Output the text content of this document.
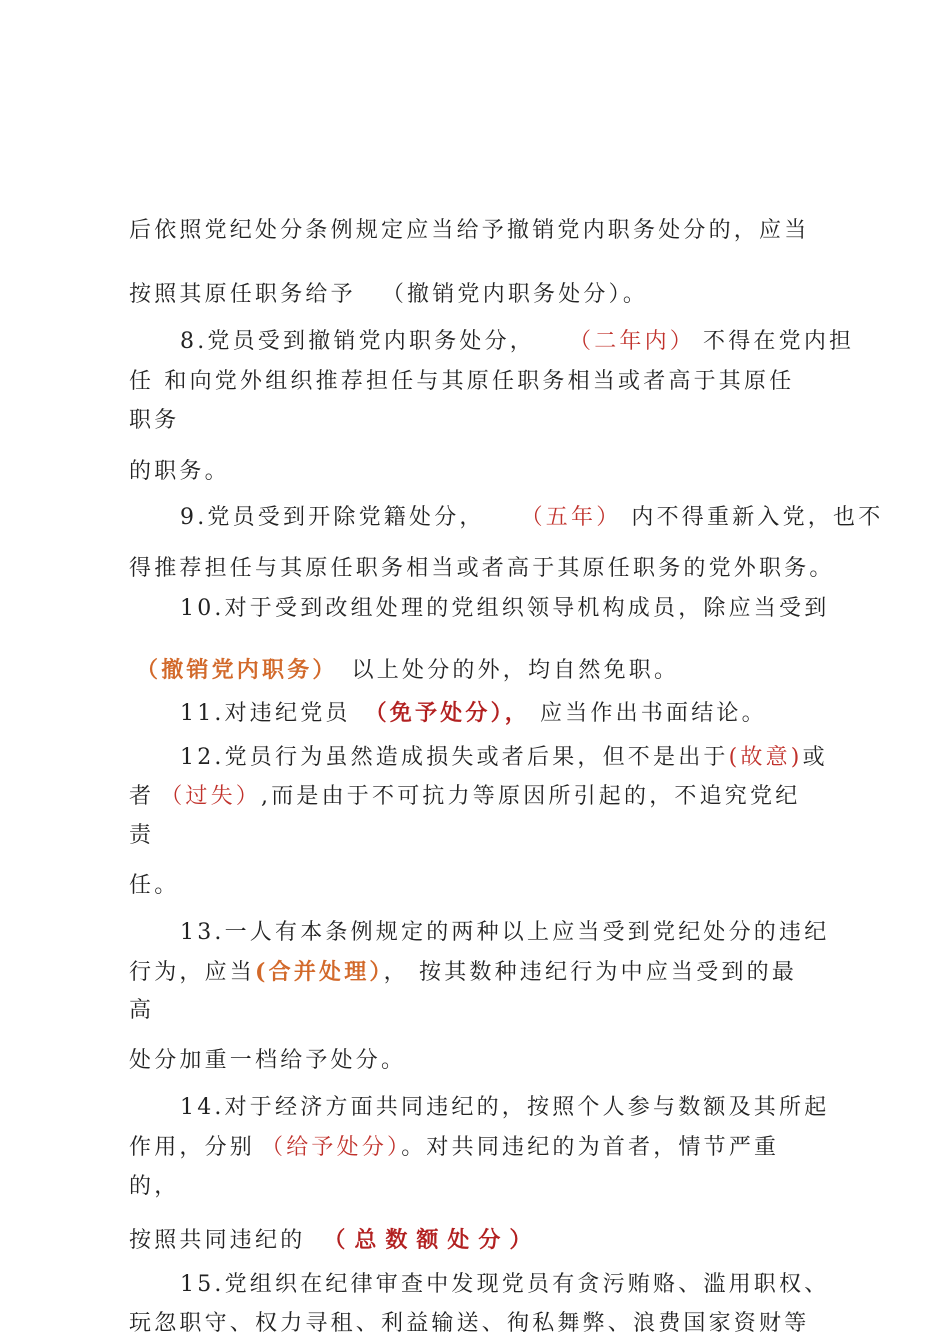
后依照党纪处分条例规定应当给予撤销党内职务处分的，应当
按照其原任职务给予 （撤销党内职务处分）。
8.党员受到撤销党内职务处分， （二年内） 不得在党内担
任 和向党外组织推荐担任与其原任职务相当或者高于其原任
职务
的职务。
9.党员受到开除党籍处分， （五年） 内不得重新入党，也不
得推荐担任与其原任职务相当或者高于其原任职务的党外职务。
10.对于受到改组处理的党组织领导机构成员，除应当受到
（撤销党内职务） 以上处分的外，均自然免职。
11.对违纪党员 （免予处分）， 应当作出书面结论。
12.党员行为虽然造成损失或者后果，但不是出于(故意)或
者 （过失）,而是由于不可抗力等原因所引起的，不追究党纪
责
任。
13.一人有本条例规定的两种以上应当受到党纪处分的违纪
行为，应当(合并处理）， 按其数种违纪行为中应当受到的最
高
处分加重一档给予处分。
14.对于经济方面共同违纪的，按照个人参与数额及其所起
作用，分别 （给予处分）。对共同违纪的为首者，情节严重
的，
按照共同违纪的 （总数额处分）
15.党组织在纪律审查中发现党员有贪污贿赂、滥用职权、
玩忽职守、权力寻租、利益输送、徇私舞弊、浪费国家资财等
